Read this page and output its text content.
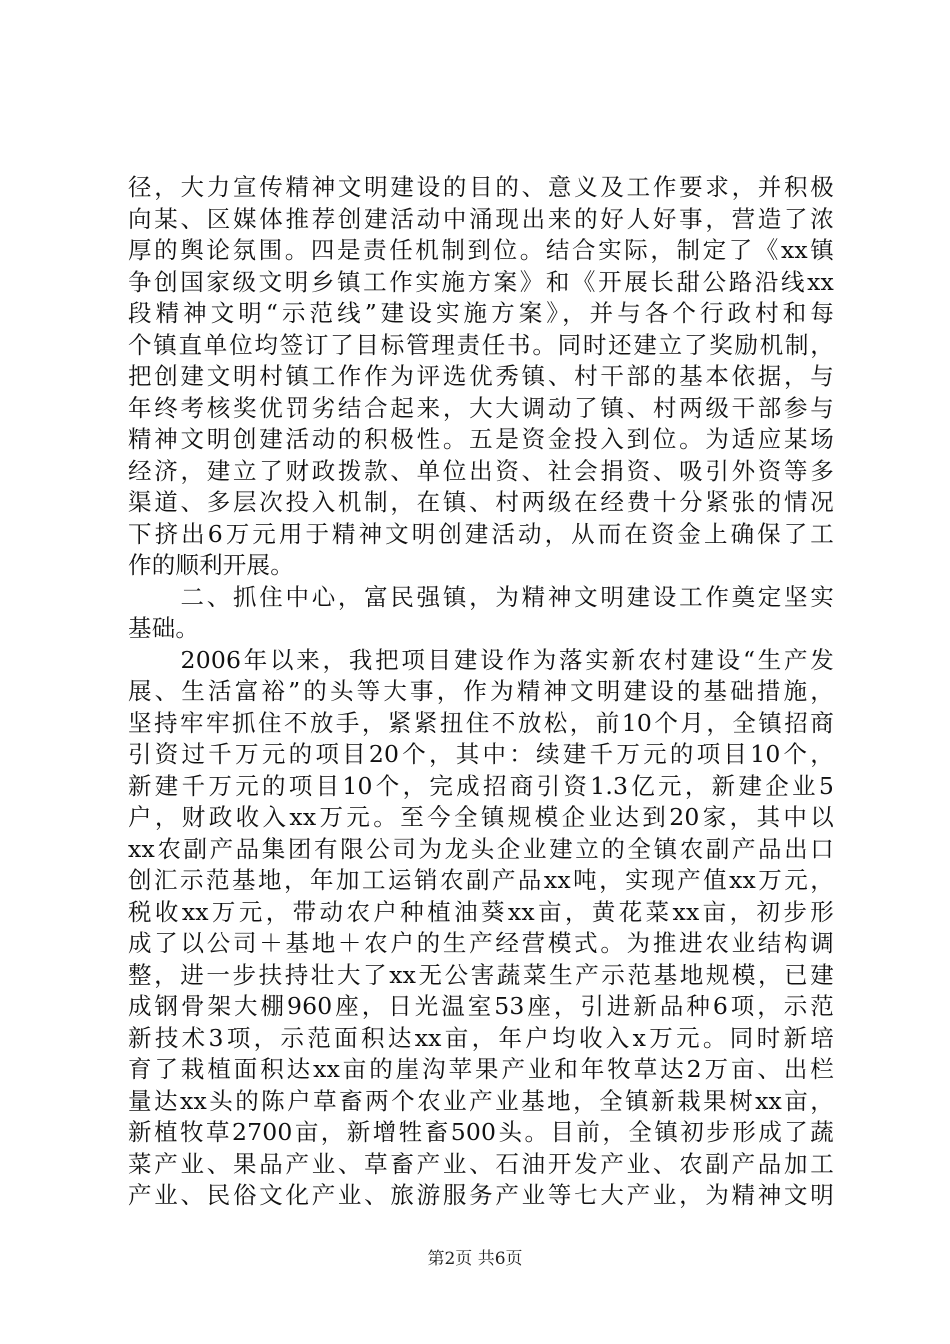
径，大力宣传精神文明建设的目的、意义及工作要求，并积极
向某、区媒体推荐创建活动中涌现出来的好人好事，营造了浓
厚的舆论氛围。四是责任机制到位。结合实际，制定了《xx镇
争创国家级文明乡镇工作实施方案》和《开展长甜公路沿线xx
段精神文明“示范线”建设实施方案》，并与各个行政村和每
个镇直单位均签订了目标管理责任书。同时还建立了奖励机制，
把创建文明村镇工作作为评选优秀镇、村干部的基本依据，与
年终考核奖优罚劣结合起来，大大调动了镇、村两级干部参与
精神文明创建活动的积极性。五是资金投入到位。为适应某场
经济，建立了财政拨款、单位出资、社会捐资、吸引外资等多
渠道、多层次投入机制，在镇、村两级在经费十分紧张的情况
下挤出6万元用于精神文明创建活动，从而在资金上确保了工
作的顺利开展。
　　二、抓住中心，富民强镇，为精神文明建设工作奠定坚实
基础。
　　2006年以来，我把项目建设作为落实新农村建设“生产发
展、生活富裕”的头等大事，作为精神文明建设的基础措施，
坚持牢牢抓住不放手，紧紧扭住不放松，前10个月，全镇招商
引资过千万元的项目20个，其中：续建千万元的项目10个，
新建千万元的项目10个，完成招商引资1.3亿元，新建企业5
户，财政收入xx万元。至今全镇规模企业达到20家，其中以
xx农副产品集团有限公司为龙头企业建立的全镇农副产品出口
创汇示范基地，年加工运销农副产品xx吨，实现产值xx万元，
税收xx万元，带动农户种植油葵xx亩，黄花菜xx亩，初步形
成了以公司＋基地＋农户的生产经营模式。为推进农业结构调
整，进一步扶持壮大了xx无公害蔬菜生产示范基地规模，已建
成钢骨架大棚960座，日光温室53座，引进新品种6项，示范
新技术3项，示范面积达xx亩，年户均收入x万元。同时新培
育了栽植面积达xx亩的崖沟苹果产业和年牧草达2万亩、出栏
量达xx头的陈户草畜两个农业产业基地，全镇新栽果树xx亩，
新植牧草2700亩，新增牲畜500头。目前，全镇初步形成了蔬
菜产业、果品产业、草畜产业、石油开发产业、农副产品加工
产业、民俗文化产业、旅游服务产业等七大产业，为精神文明
第2页 共6页
